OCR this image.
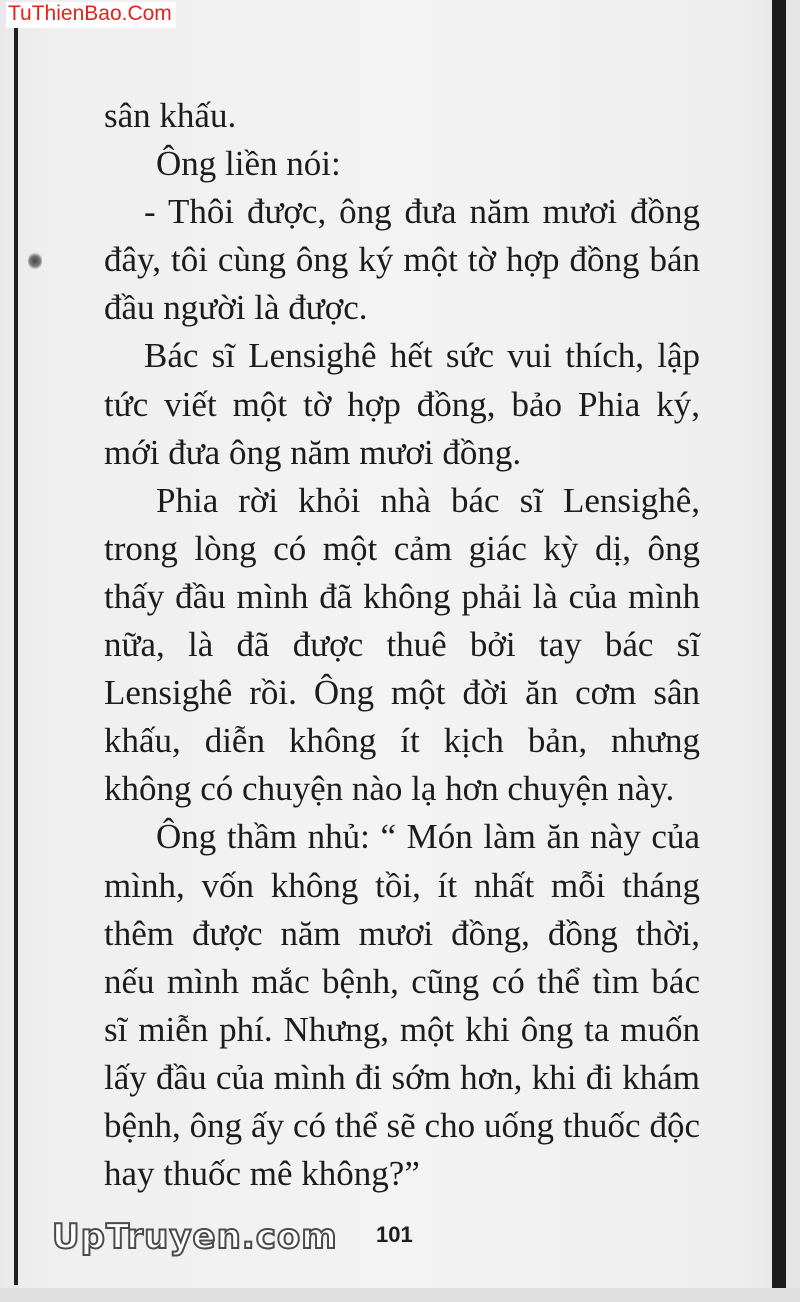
TuThienBao.Com

sân khấu.

Ông liền nói:

- Thôi được, ông đưa năm mươi đồng đây, tôi cùng ông ký một tờ hợp đồng bán đầu người là được.

Bác sĩ Lensighê hết sức vui thích, lập tức viết một tờ hợp đồng, bảo Phia ký, mới đưa ông năm mươi đồng.

Phia rời khỏi nhà bác sĩ Lensighê, trong lòng có một cảm giác kỳ dị, ông thấy đầu mình đã không phải là của mình nữa, là đã được thuê bởi tay bác sĩ Lensighê rồi. Ông một đời ăn cơm sân khấu, diễn không ít kịch bản, nhưng không có chuyện nào lạ hơn chuyện này.

Ông thầm nhủ: “ Món làm ăn này của mình, vốn không tồi, ít nhất mỗi tháng thêm được năm mươi đồng, đồng thời, nếu mình mắc bệnh, cũng có thể tìm bác sĩ miễn phí. Nhưng, một khi ông ta muốn lấy đầu của mình đi sớm hơn, khi đi khám bệnh, ông ấy có thể sẽ cho uống thuốc độc hay thuốc mê không?”

UpTruyen.com 101
